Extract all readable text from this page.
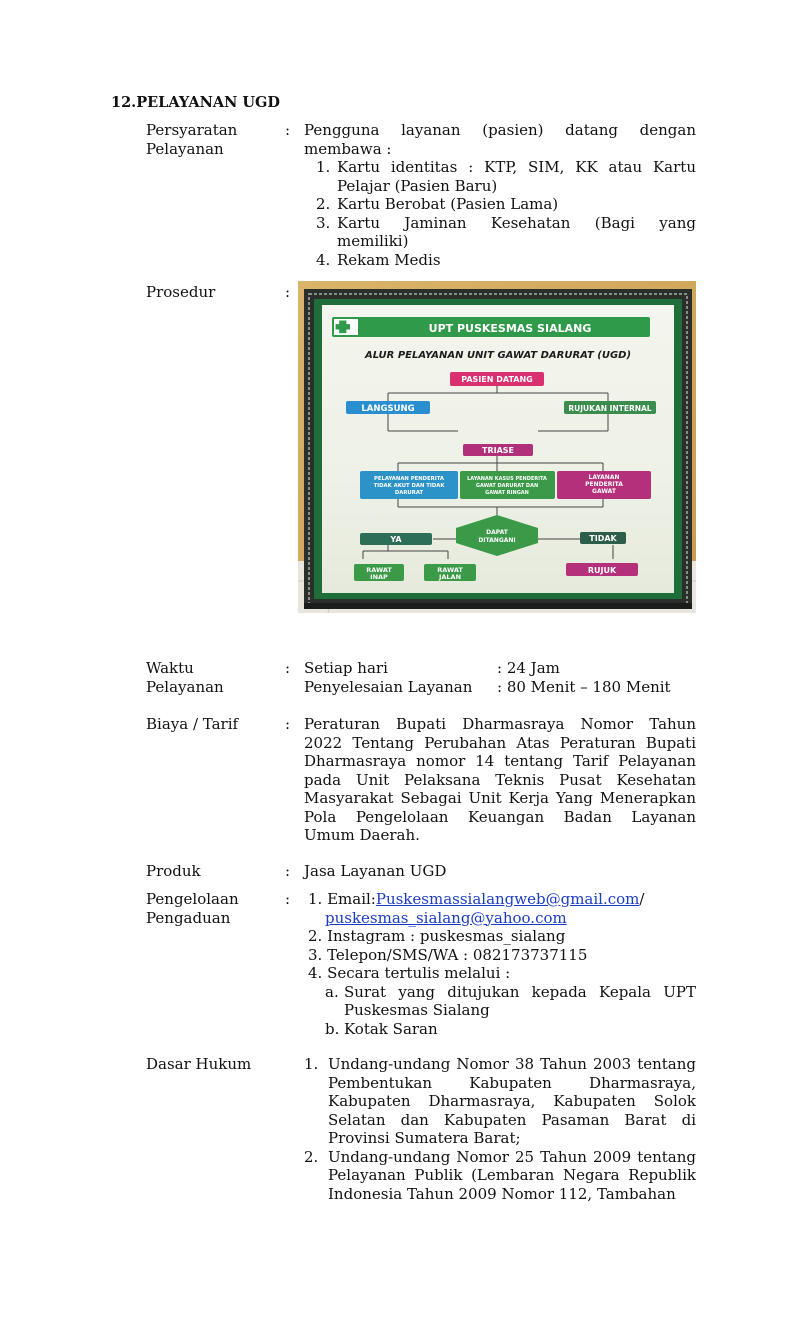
12.PELAYANAN UGD
Persyaratan
Pelayanan
: Pengguna layanan (pasien) datang dengan
membawa :
1. Kartu identitas : KTP, SIM, KK atau Kartu
Pelajar (Pasien Baru)
2. Kartu Berobat (Pasien Lama)
3. Kartu Jaminan Kesehatan (Bagi yang
memiliki)
4. Rekam Medis
Prosedur	:
UPT PUSKESMAS SIALANG
ALUR PELAYANAN UNIT GAWAT DARURAT (UGD)
PASIEN DATANG
LANGSUNG	RUJUKAN INTERNAL
TRIASE
PELAYANAN PENDERITA
TIDAK AKUT DAN TIDAK
DARURAT
LAYANAN KASUS PENDERITA
GAWAT DARURAT DAN
GAWAT RINGAN
LAYANAN
PENDERITA
GAWAT
DAPAT
DITANGANI
YA	TIDAK
RAWAT
INAP
RAWAT
JALAN
RUJUK
Waktu
Pelayanan
: Setiap hari	: 24 Jam
Penyelesaian Layanan : 80 Menit – 180 Menit
Biaya / Tarif	: Peraturan Bupati Dharmasraya Nomor Tahun
2022 Tentang Perubahan Atas Peraturan Bupati
Dharmasraya nomor 14 tentang Tarif Pelayanan
pada Unit Pelaksana Teknis Pusat Kesehatan
Masyarakat Sebagai Unit Kerja Yang Menerapkan
Pola Pengelolaan Keuangan Badan Layanan
Umum Daerah.
Produk	: Jasa Layanan UGD
Pengelolaan
Pengaduan
: 1. Email:Puskesmassialangweb@gmail.com/
puskesmas_sialang@yahoo.com
2. Instagram : puskesmas_sialang
3. Telepon/SMS/WA : 082173737115
4. Secara tertulis melalui :
a. Surat yang ditujukan kepada Kepala UPT
Puskesmas Sialang
b. Kotak Saran
Dasar Hukum	1. Undang-undang Nomor 38 Tahun 2003 tentang
Pembentukan Kabupaten Dharmasraya,
Kabupaten Dharmasraya, Kabupaten Solok
Selatan dan Kabupaten Pasaman Barat di
Provinsi Sumatera Barat;
2. Undang-undang Nomor 25 Tahun 2009 tentang
Pelayanan Publik (Lembaran Negara Republik
Indonesia Tahun 2009 Nomor 112, Tambahan
